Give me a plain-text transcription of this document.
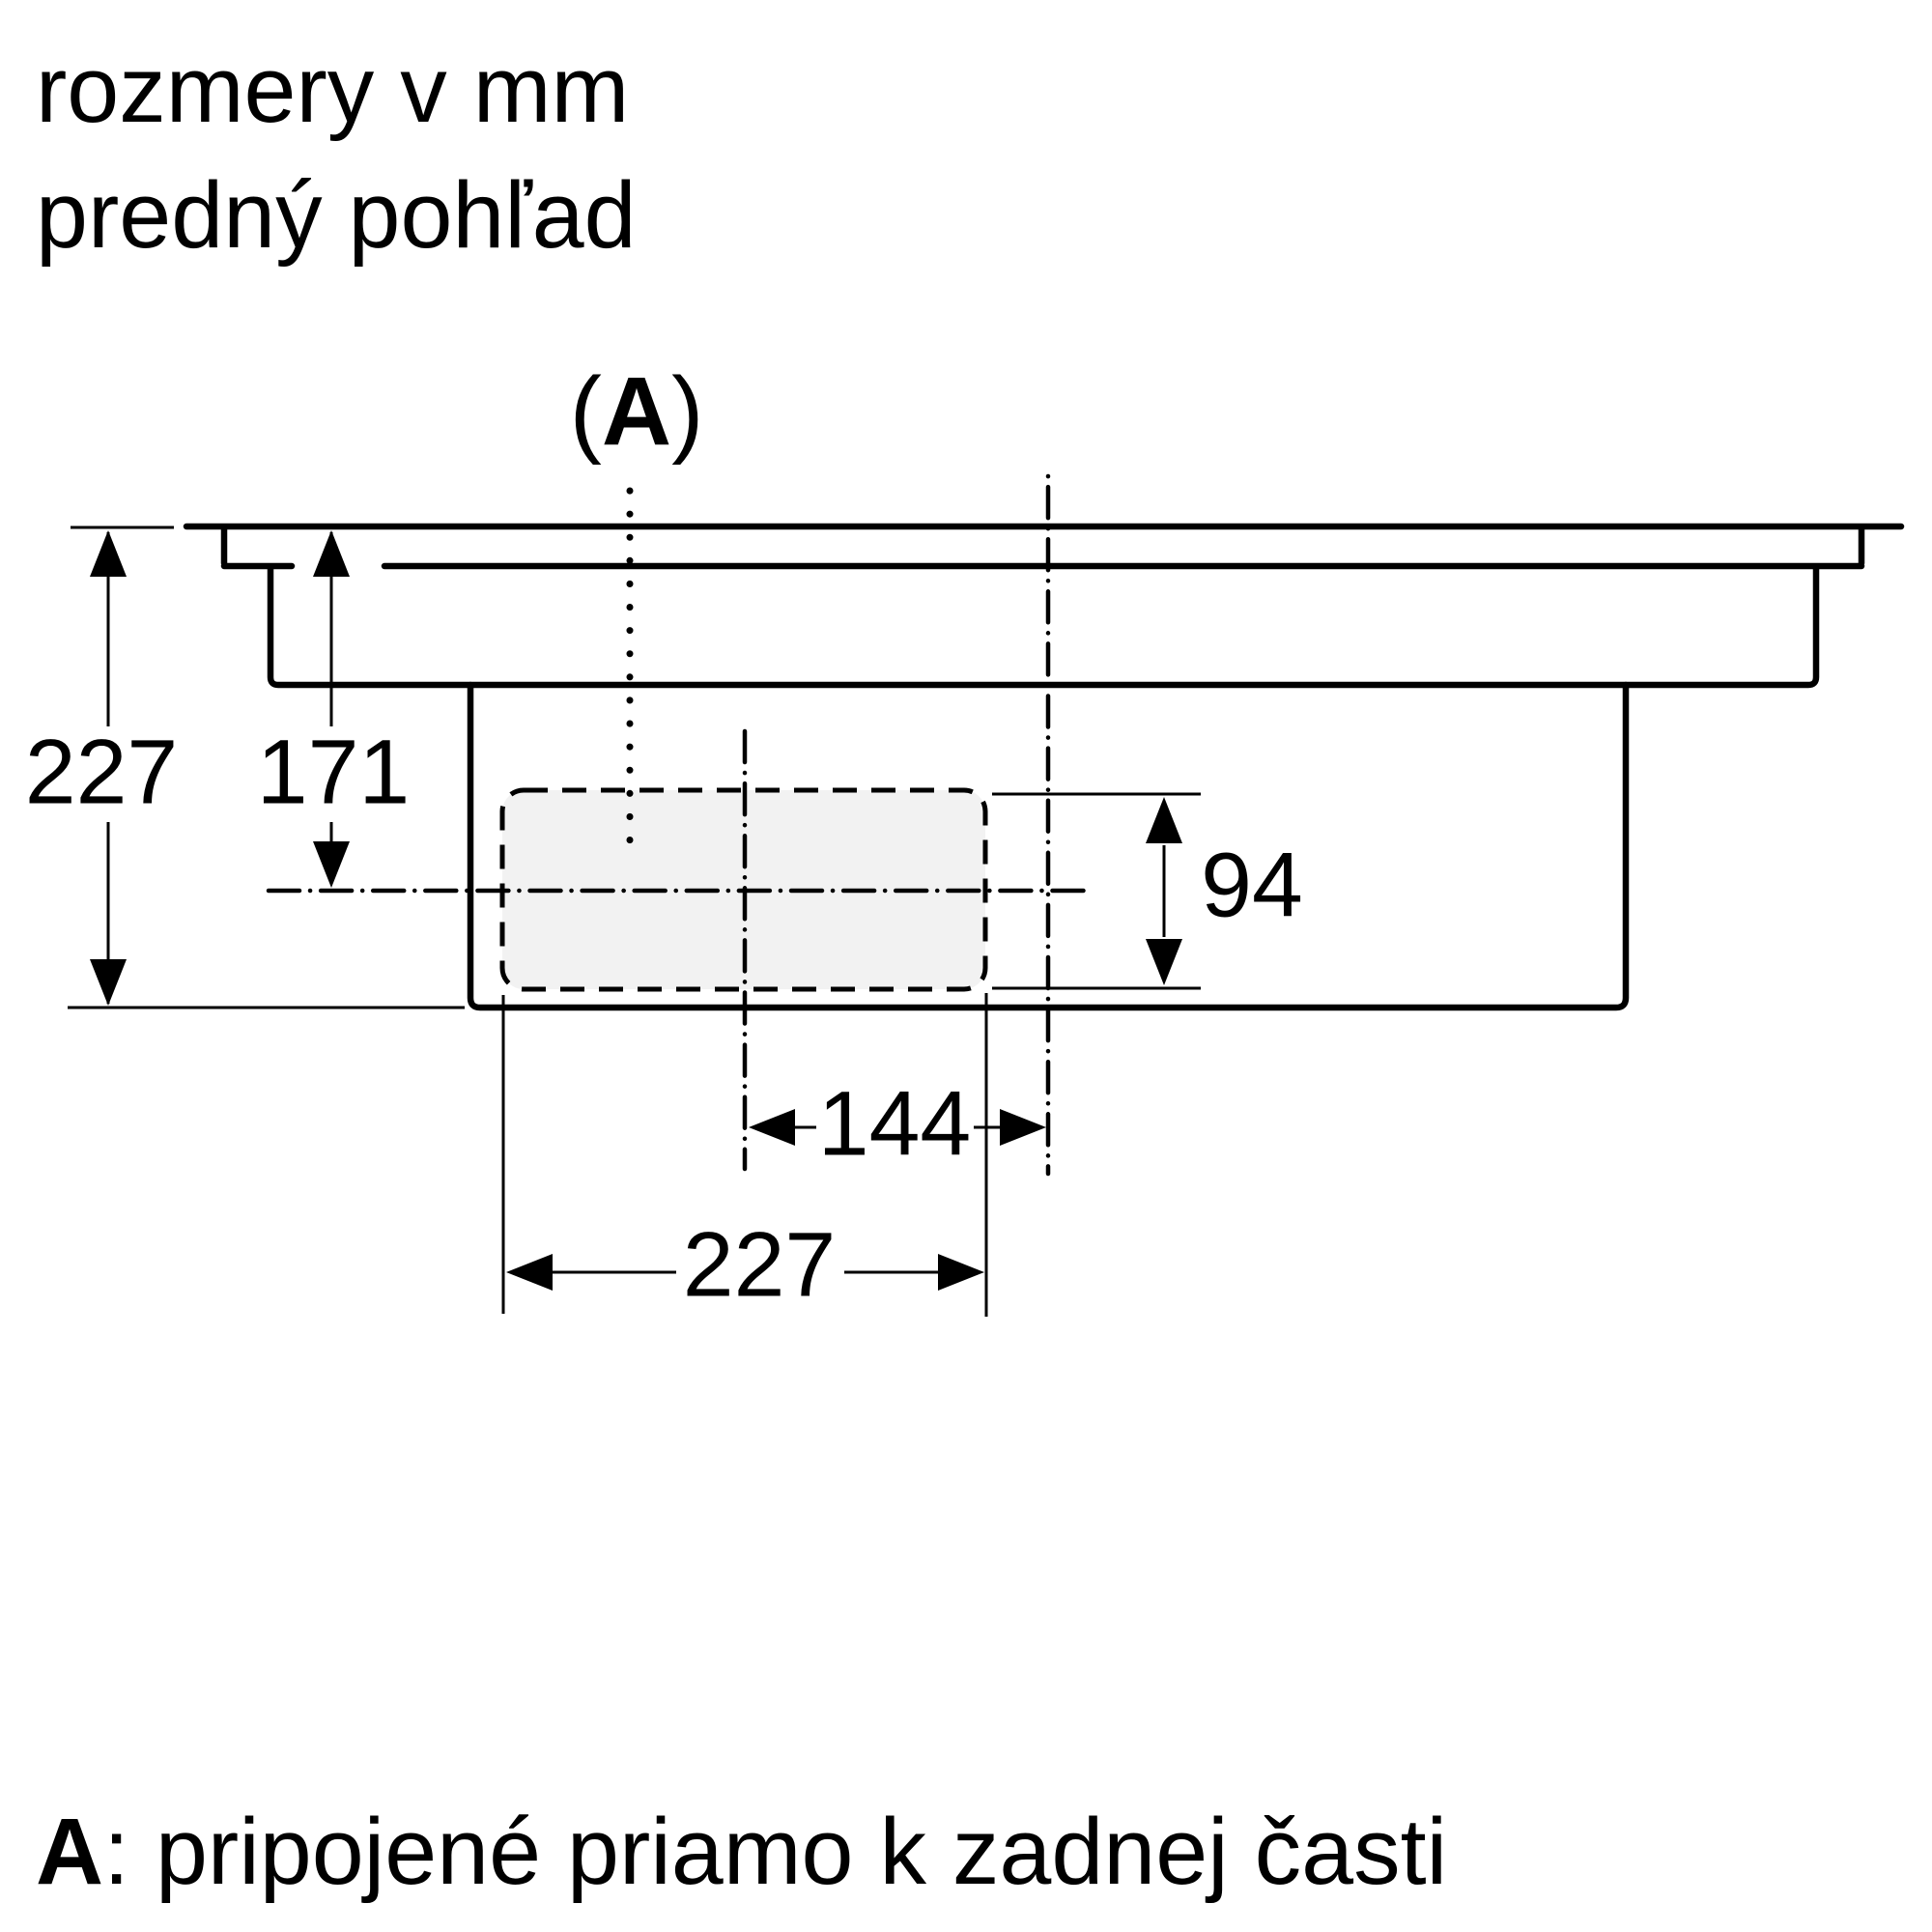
rozmery v mm
predný pohľad
(A)
227 171
94
144
227
A: pripojené priamo k zadnej časti
